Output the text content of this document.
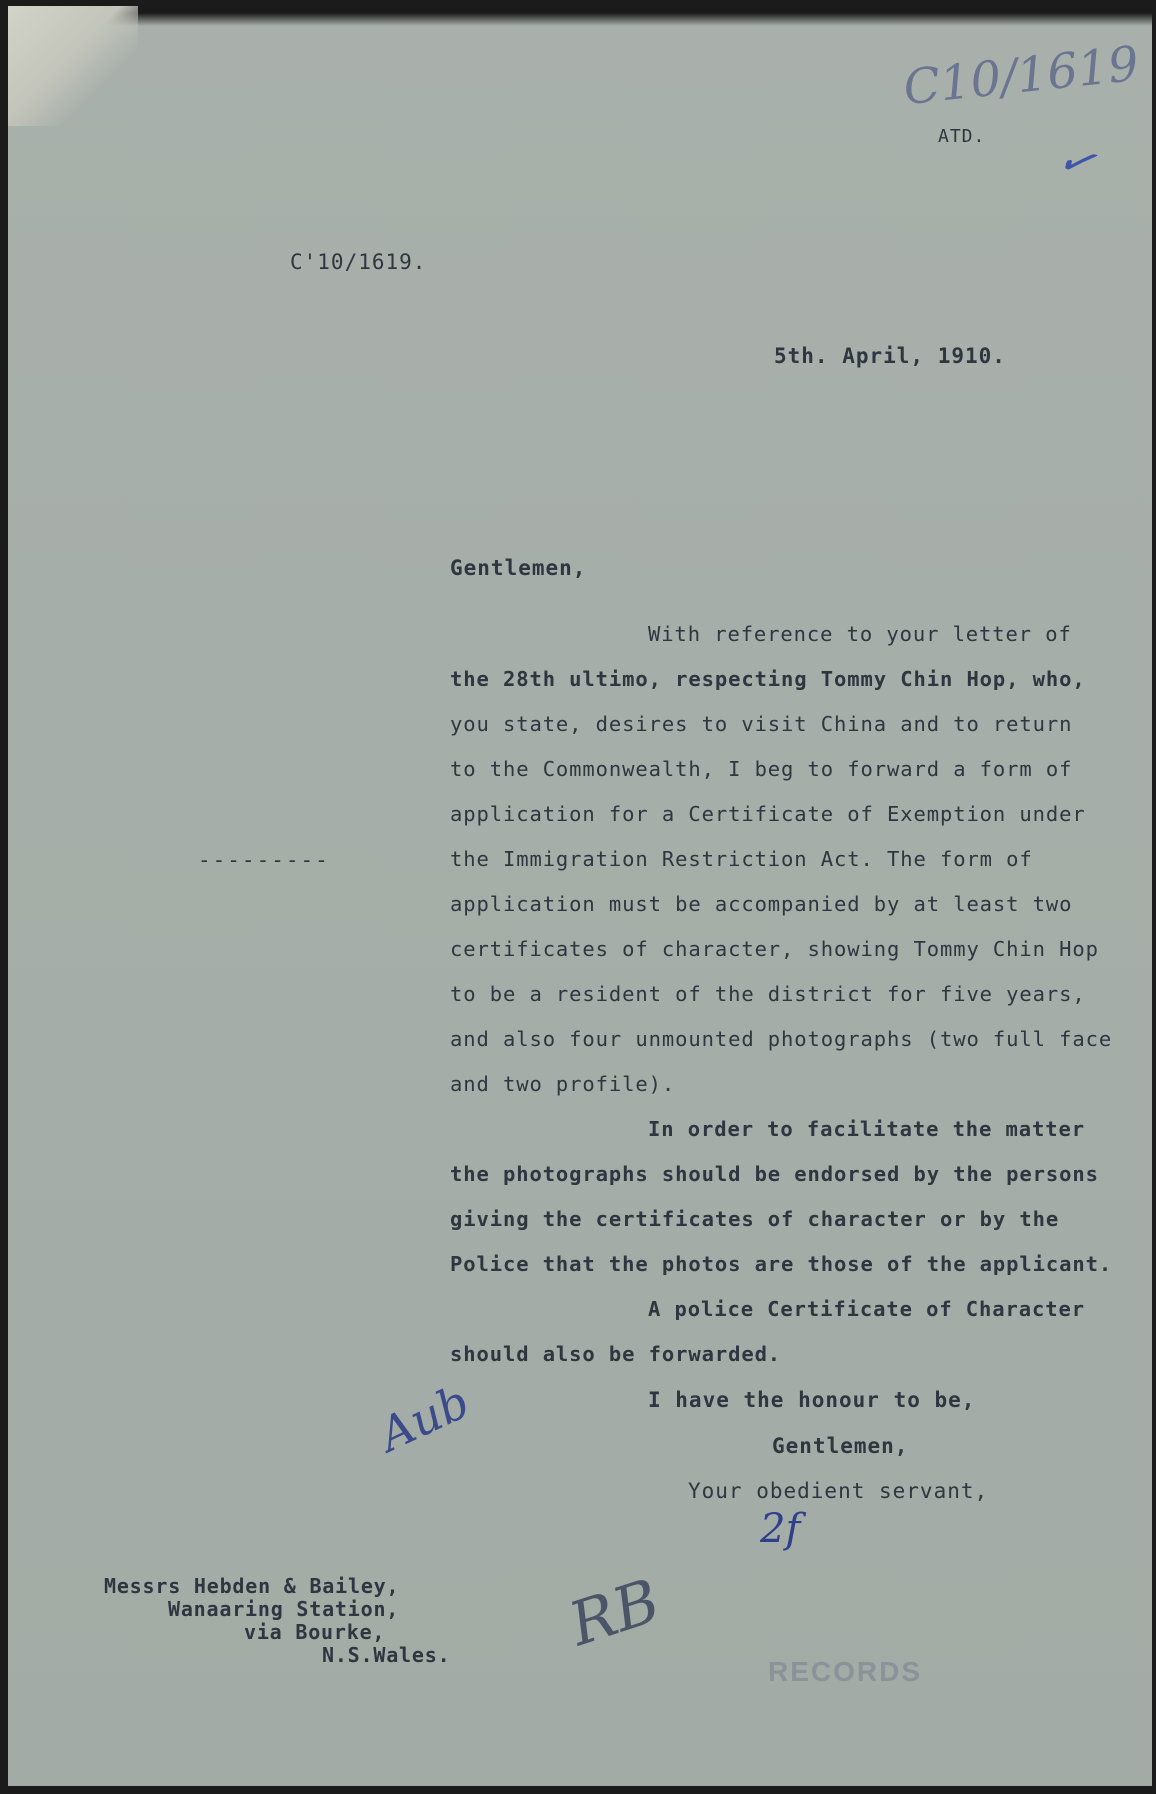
C10/1619
ATD. ✓
C'10/1619.
5th. April, 1910.
Gentlemen,
---------
With reference to your letter of
the 28th ultimo, respecting Tommy Chin Hop, who,
you state, desires to visit China and to return
to the Commonwealth, I beg to forward a form of
application for a Certificate of Exemption under
the Immigration Restriction Act. The form of
application must be accompanied by at least two
certificates of character, showing Tommy Chin Hop
to be a resident of the district for five years,
and also four unmounted photographs (two full face
and two profile).
In order to facilitate the matter
the photographs should be endorsed by the persons
giving the certificates of character or by the
Police that the photos are those of the applicant.
A police Certificate of Character
should also be forwarded.
I have the honour to be,
Gentlemen,
Your obedient servant,
Aub
2f
RB
Messrs Hebden & Bailey,
Wanaaring Station,
via Bourke,
N.S.Wales.
RECORDS
